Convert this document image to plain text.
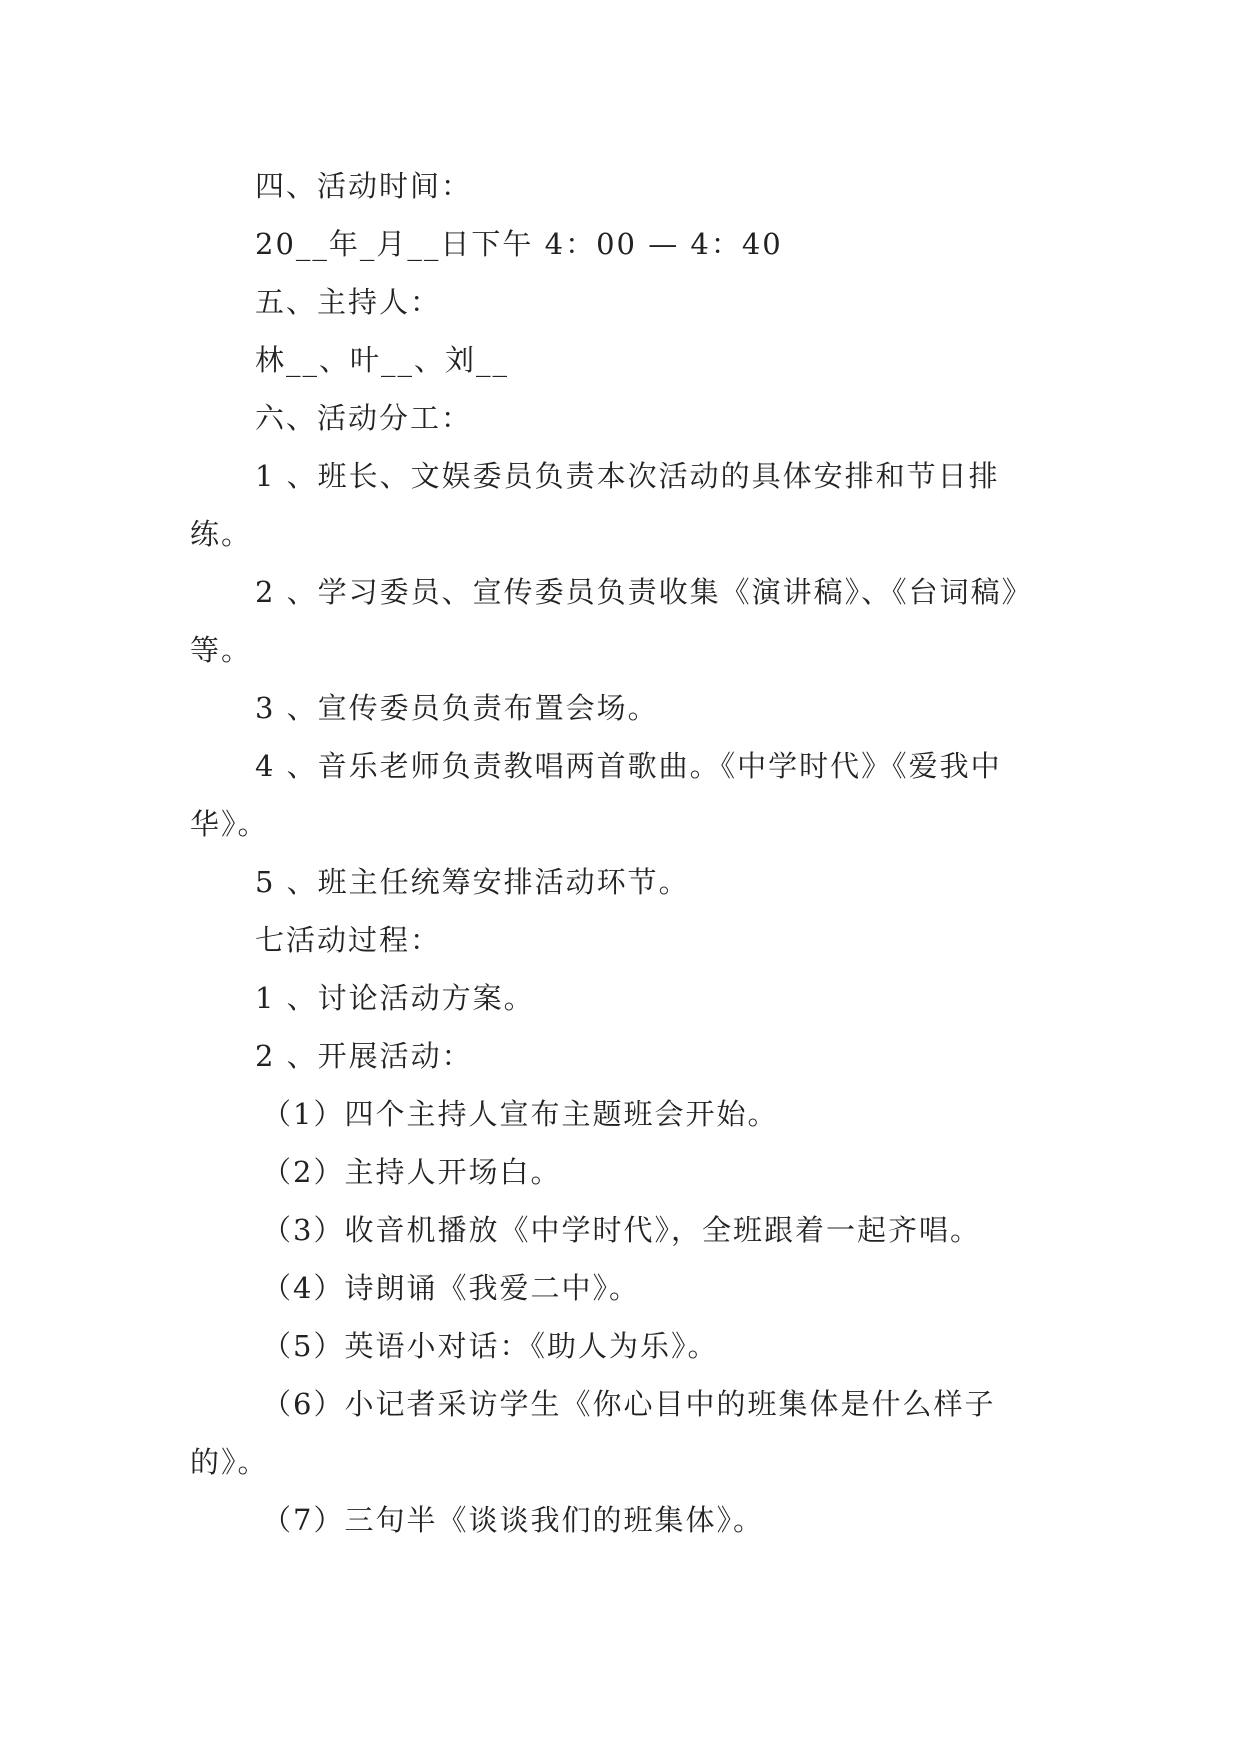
四、活动时间：
20__年_月__日下午 4：00 — 4：40
五、主持人：
林__、叶__、刘__
六、活动分工：
1 、班长、文娱委员负责本次活动的具体安排和节日排
练。
2 、学习委员、宣传委员负责收集《演讲稿》、《台词稿》
等。
3 、宣传委员负责布置会场。
4 、音乐老师负责教唱两首歌曲。《中学时代》《爱我中
华》。
5 、班主任统筹安排活动环节。
七活动过程：
1 、讨论活动方案。
2 、开展活动：
（1）四个主持人宣布主题班会开始。
（2）主持人开场白。
（3）收音机播放《中学时代》，全班跟着一起齐唱。
（4）诗朗诵《我爱二中》。
（5）英语小对话：《助人为乐》。
（6）小记者采访学生《你心目中的班集体是什么样子
的》。
（7）三句半《谈谈我们的班集体》。
